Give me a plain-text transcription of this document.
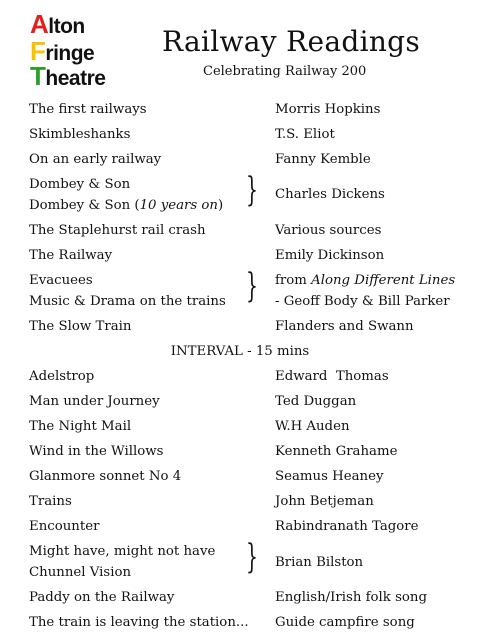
Alton
Fringe
Theatre
Railway Readings
Celebrating Railway 200
The first railways	Morris Hopkins
Skimbleshanks	T.S. Eliot
On an early railway	Fanny Kemble
Dombey & Son
Dombey & Son (10 years on) } Charles Dickens
The Staplehurst rail crash	Various sources
The Railway	Emily Dickinson
Evacuees
Music & Drama on the trains } from Along Different Lines
- Geoff Body & Bill Parker
The Slow Train	Flanders and Swann
INTERVAL - 15 mins
Adelstrop	Edward  Thomas
Man under Journey	Ted Duggan
The Night Mail	W.H Auden
Wind in the Willows	Kenneth Grahame
Glanmore sonnet No 4	Seamus Heaney
Trains	John Betjeman
Encounter	Rabindranath Tagore
Might have, might not have
Chunnel Vision	} Brian Bilston
Paddy on the Railway	English/Irish folk song
The train is leaving the station... Guide campfire song
